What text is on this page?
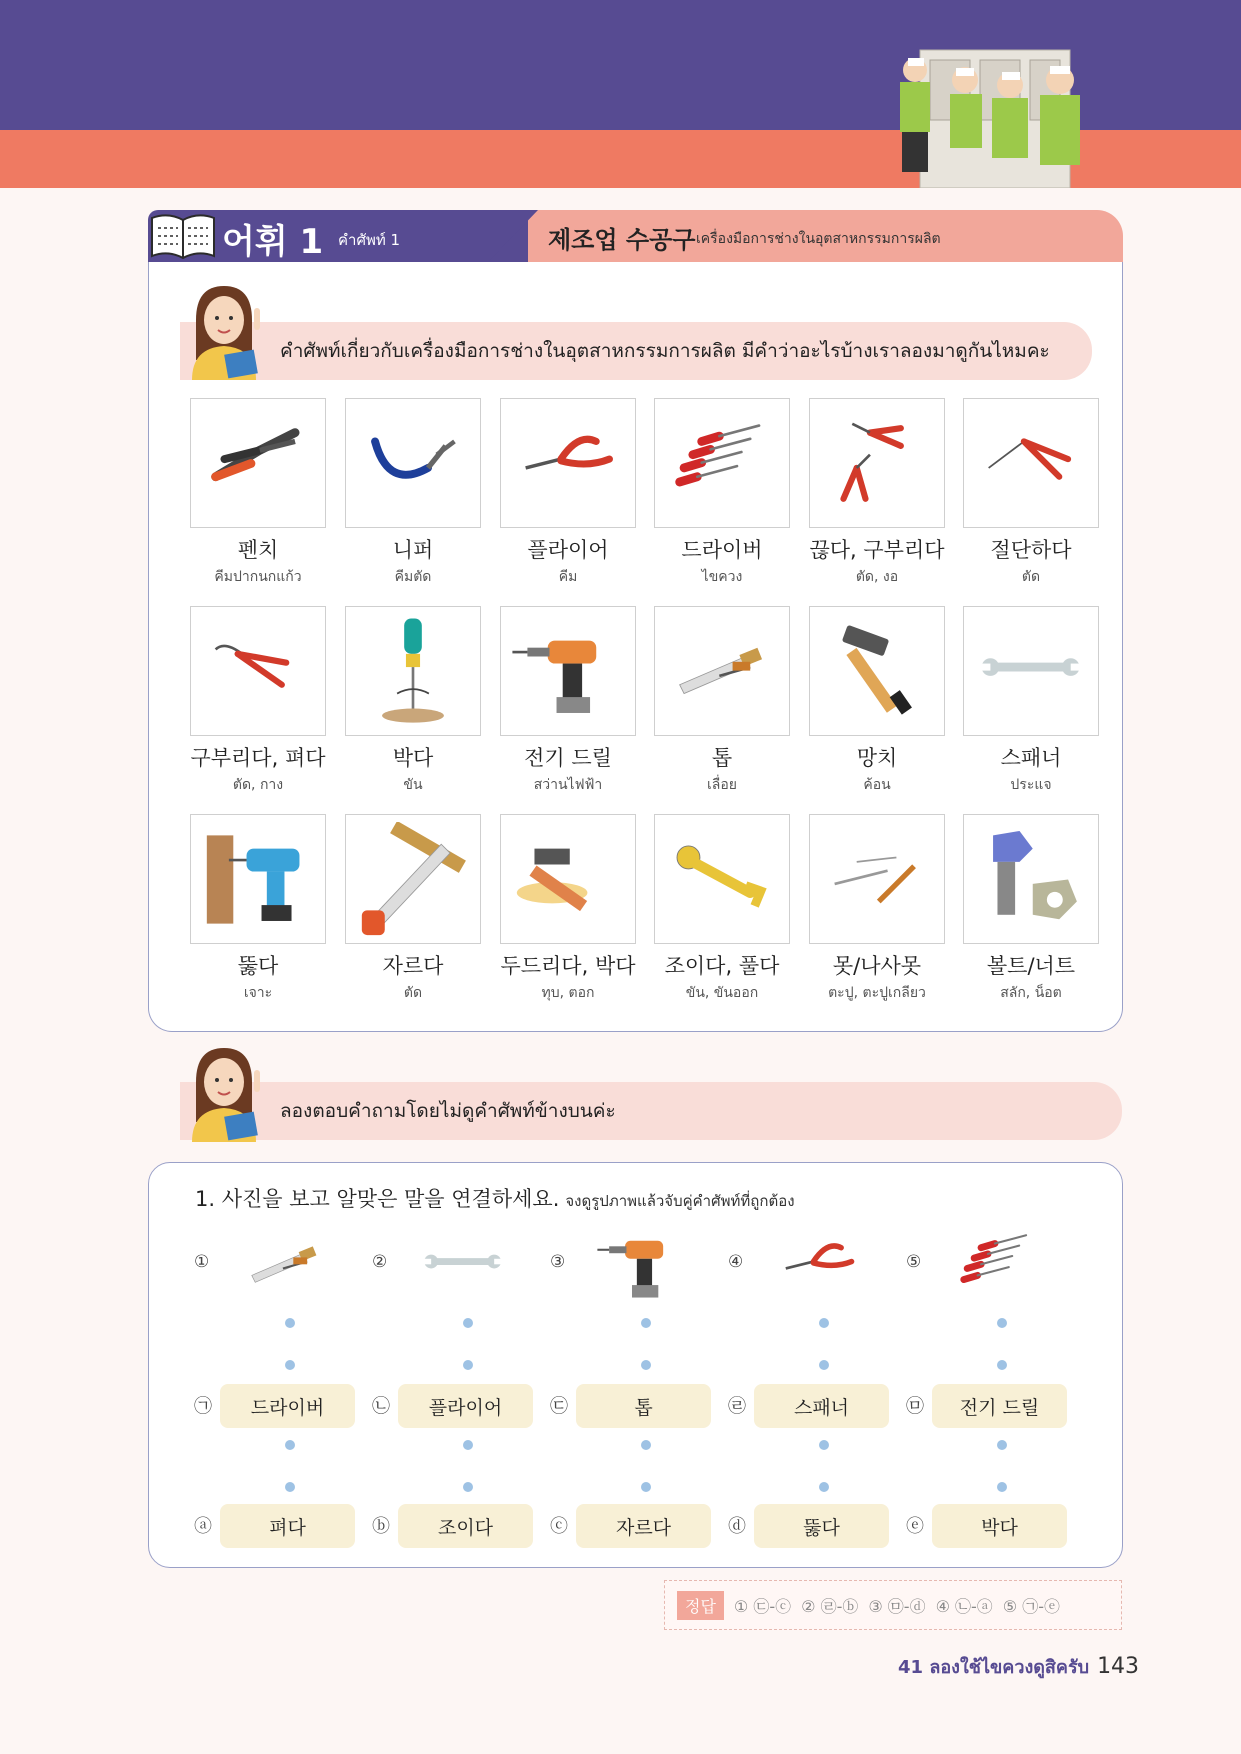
어휘 1 คำศัพท์ 1	제조업 수공구 เครื่องมือการช่างในอุตสาหกรรมการผลิต
คำศัพท์เกี่ยวกับเครื่องมือการช่างในอุตสาหกรรมการผลิต มีคำว่าอะไรบ้างเราลองมาดูกันไหมคะ
펜치
คีมปากนกแก้ว
니퍼
คีมตัด
플라이어
คีม
드라이버
ไขควง
끊다, 구부리다
ตัด, งอ
절단하다
ตัด
구부리다, 펴다
ตัด, กาง
박다
ขัน
전기 드릴
สว่านไฟฟ้า
톱
เลื่อย
망치
ค้อน
스패너
ประแจ
뚫다
เจาะ
자르다
ตัด
두드리다, 박다
ทุบ, ตอก
조이다, 풀다
ขัน, ขันออก
못/나사못
ตะปู, ตะปูเกลียว
볼트/너트
สลัก, น็อต
1. 사진을 보고 알맞은 말을 연결하세요. จงดูรูปภาพแล้วจับคู่คำศัพท์ที่ถูกต้อง
ลองตอบคำถามโดยไม่ดูคำศัพท์ข้างบนค่ะ
①	②	③	④	⑤
㉠	드라이버	㉡	플라이어	㉢	톱	㉣	스패너	㉤	전기 드릴
ⓐ	펴다	ⓑ	조이다	ⓒ	자르다	ⓓ	뚫다	ⓔ	박다
정답	① ㉢-ⓒ ② ㉣-ⓑ ③ ㉤-ⓓ ④ ㉡-ⓐ ⑤ ㉠-ⓔ
41 ลองใช้ไขควงดูสิครับ 143
